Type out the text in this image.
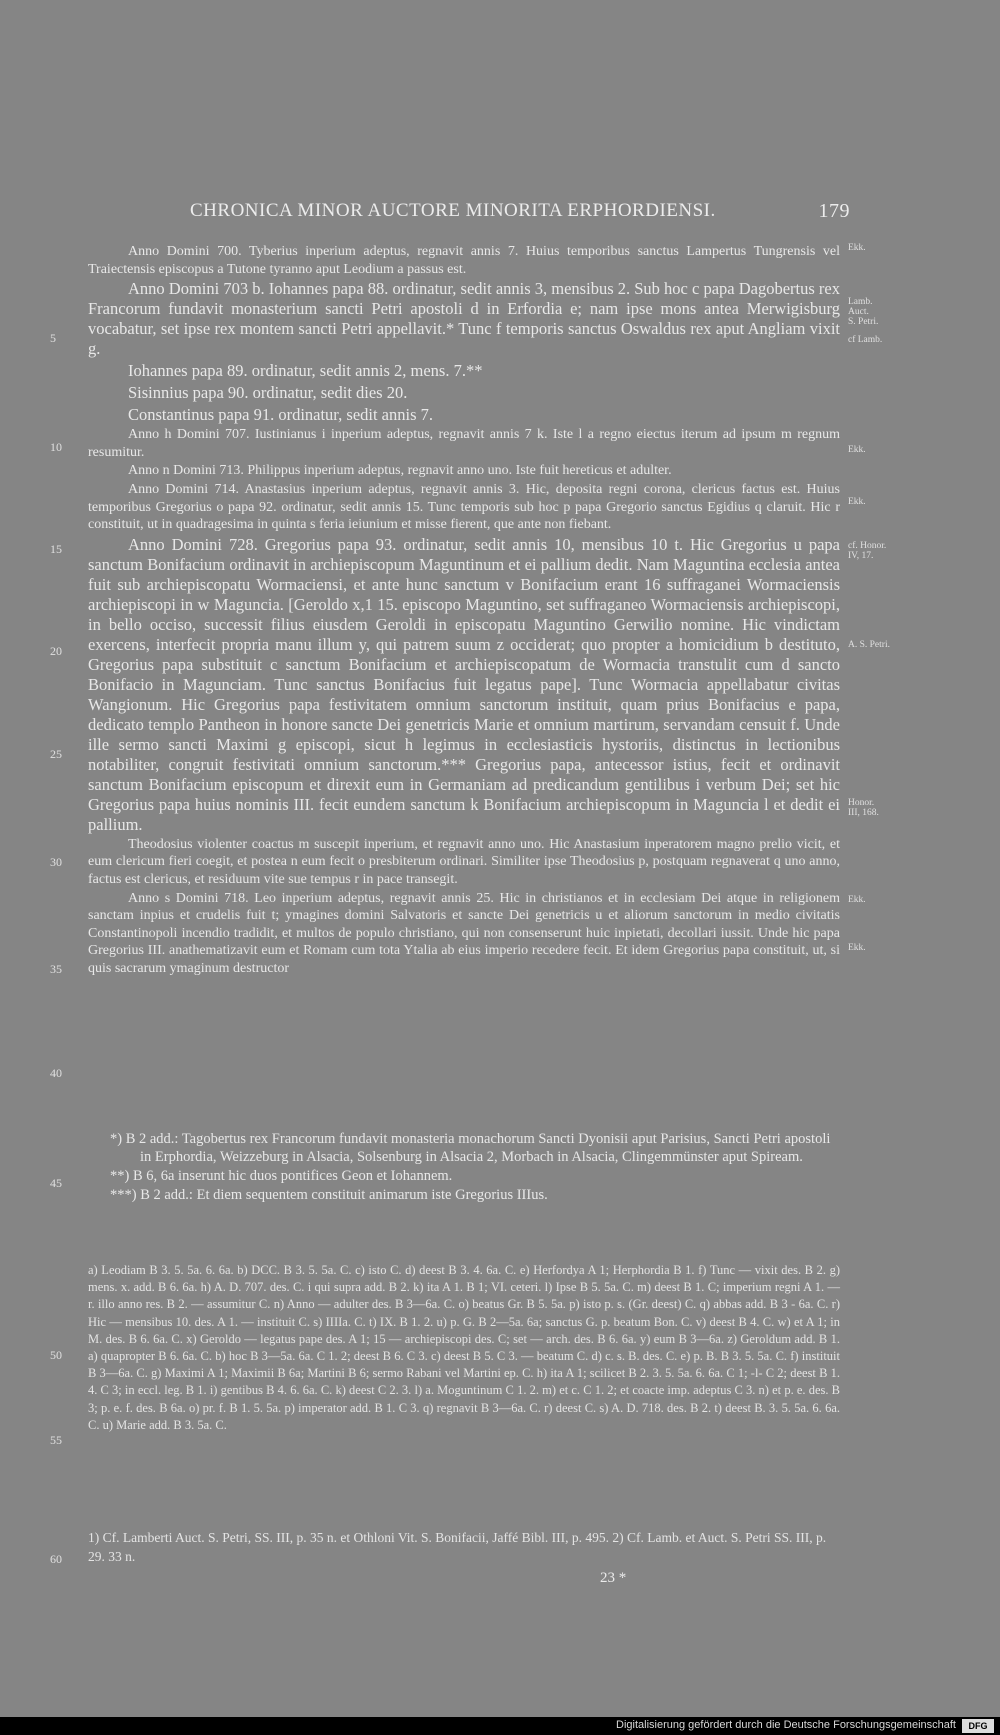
CHRONICA MINOR AUCTORE MINORITA ERPHORDIENSI.	179

Anno Domini 700. Tyberius inperium adeptus, regnavit annis 7. Huius temporibus sanctus Lampertus Tungrensis vel Traiectensis episcopus a Tutone tyranno aput Leodium a passus est.

Anno Domini 703 b. Iohannes papa 88. ordinatur, sedit annis 3, mensibus 2. Sub hoc c papa Dagobertus rex Francorum fundavit monasterium sancti Petri apostoli d in Erfordia e; nam ipse mons antea Merwigisburg vocabatur, set ipse rex montem sancti Petri appellavit.* Tunc f temporis sanctus Oswaldus rex aput Angliam vixit g.

Iohannes papa 89. ordinatur, sedit annis 2, mens. 7.**

Sisinnius papa 90. ordinatur, sedit dies 20.

Constantinus papa 91. ordinatur, sedit annis 7.

Anno h Domini 707. Iustinianus i inperium adeptus, regnavit annis 7 k. Iste l a regno eiectus iterum ad ipsum m regnum resumitur.

Anno n Domini 713. Philippus inperium adeptus, regnavit anno uno. Iste fuit hereticus et adulter.

Anno Domini 714. Anastasius inperium adeptus, regnavit annis 3. Hic, deposita regni corona, clericus factus est. Huius temporibus Gregorius o papa 92. ordinatur, sedit annis 15. Tunc temporis sub hoc p papa Gregorio sanctus Egidius q claruit. Hic r constituit, ut in quadragesima in quinta s feria ieiunium et misse fierent, que ante non fiebant.

Anno Domini 728. Gregorius papa 93. ordinatur, sedit annis 10, mensibus 10 t. Hic Gregorius u papa sanctum Bonifacium ordinavit in archiepiscopum Maguntinum et ei pallium dedit. Nam Maguntina ecclesia antea fuit sub archiepiscopatu Wormaciensi, et ante hunc sanctum v Bonifacium erant 16 suffraganei Wormaciensis archiepiscopi in w Maguncia. [Geroldo x,1 15. episcopo Maguntino, set suffraganeo Wormaciensis archiepiscopi, in bello occiso, successit filius eiusdem Geroldi in episcopatu Maguntino Gerwilio nomine. Hic vindictam exercens, interfecit propria manu illum y, qui patrem suum z occiderat; quo propter a homicidium b destituto, Gregorius papa substituit c sanctum Bonifacium et archiepiscopatum de Wormacia transtulit cum d sancto Bonifacio in Magunciam. Tunc sanctus Bonifacius fuit legatus pape]. Tunc Wormacia appellabatur civitas Wangionum. Hic Gregorius papa festivitatem omnium sanctorum instituit, quam prius Bonifacius e papa, dedicato templo Pantheon in honore sancte Dei genetricis Marie et omnium martirum, servandam censuit f. Unde ille sermo sancti Maximi g episcopi, sicut h legimus in ecclesiasticis hystoriis, distinctus in lectionibus notabiliter, congruit festivitati omnium sanctorum.*** Gregorius papa, antecessor istius, fecit et ordinavit sanctum Bonifacium episcopum et direxit eum in Germaniam ad predicandum gentilibus i verbum Dei; set hic Gregorius papa huius nominis III. fecit eundem sanctum k Bonifacium archiepiscopum in Maguncia l et dedit ei pallium.

Theodosius violenter coactus m suscepit inperium, et regnavit anno uno. Hic Anastasium inperatorem magno prelio vicit, et eum clericum fieri coegit, et postea n eum fecit o presbiterum ordinari. Similiter ipse Theodosius p, postquam regnaverat q uno anno, factus est clericus, et residuum vite sue tempus r in pace transegit.

Anno s Domini 718. Leo inperium adeptus, regnavit annis 25. Hic in christianos et in ecclesiam Dei atque in religionem sanctam inpius et crudelis fuit t; ymagines domini Salvatoris et sancte Dei genetricis u et aliorum sanctorum in medio civitatis Constantinopoli incendio tradidit, et multos de populo christiano, qui non consenserunt huic inpietati, decollari iussit. Unde hic papa Gregorius III. anathematizavit eum et Romam cum tota Ytalia ab eius imperio recedere fecit. Et idem Gregorius papa constituit, ut, si quis sacrarum ymaginum destructor

Ekk.
Lamb.
Auct.
S. Petri.
cf Lamb.
Ekk.
Ekk.
cf. Honor.
IV, 17.
A. S. Petri.
Honor.
III, 168.
Ekk.
Ekk.
5
10
15
20
25
30
35
40
45
50
55
60

*) B 2 add.: Tagobertus rex Francorum fundavit monasteria monachorum Sancti Dyonisii aput Parisius, Sancti Petri apostoli in Erphordia, Weizzeburg in Alsacia, Solsenburg in Alsacia 2, Morbach in Alsacia, Clingemmünster aput Spiream.

**) B 6, 6a inserunt hic duos pontifices Geon et Iohannem.

***) B 2 add.: Et diem sequentem constituit animarum iste Gregorius IIIus.

a) Leodiam B 3. 5. 5a. 6. 6a. b) DCC. B 3. 5. 5a. C. c) isto C. d) deest B 3. 4. 6a. C. e) Herfordya A 1; Herphordia B 1. f) Tunc — vixit des. B 2. g) mens. x. add. B 6. 6a. h) A. D. 707. des. C. i qui supra add. B 2. k) ita A 1. B 1; VI. ceteri. l) Ipse B 5. 5a. C. m) deest B 1. C; imperium regni A 1. — r. illo anno res. B 2. — assumitur C. n) Anno — adulter des. B 3—6a. C. o) beatus Gr. B 5. 5a. p) isto p. s. (Gr. deest) C. q) abbas add. B 3 - 6a. C. r) Hic — mensibus 10. des. A 1. — instituit C. s) IIIIa. C. t) IX. B 1. 2. u) p. G. B 2—5a. 6a; sanctus G. p. beatum Bon. C. v) deest B 4. C. w) et A 1; in M. des. B 6. 6a. C. x) Geroldo — legatus pape des. A 1; 15 — archiepiscopi des. C; set — arch. des. B 6. 6a. y) eum B 3—6a. z) Geroldum add. B 1. a) quapropter B 6. 6a. C. b) hoc B 3—5a. 6a. C 1. 2; deest B 6. C 3. c) deest B 5. C 3. — beatum C. d) c. s. B. des. C. e) p. B. B 3. 5. 5a. C. f) instituit B 3—6a. C. g) Maximi A 1; Maximii B 6a; Martini B 6; sermo Rabani vel Martini ep. C. h) ita A 1; scilicet B 2. 3. 5. 5a. 6. 6a. C 1; -l- C 2; deest B 1. 4. C 3; in eccl. leg. B 1. i) gentibus B 4. 6. 6a. C. k) deest C 2. 3. l) a. Moguntinum C 1. 2. m) et c. C 1. 2; et coacte imp. adeptus C 3. n) et p. e. des. B 3; p. e. f. des. B 6a. o) pr. f. B 1. 5. 5a. p) imperator add. B 1. C 3. q) regnavit B 3—6a. C. r) deest C. s) A. D. 718. des. B 2. t) deest B. 3. 5. 5a. 6. 6a. C. u) Marie add. B 3. 5a. C.
1) Cf. Lamberti Auct. S. Petri, SS. III, p. 35 n. et Othloni Vit. S. Bonifacii, Jaffé Bibl. III, p. 495. 2) Cf. Lamb. et Auct. S. Petri SS. III, p. 29. 33 n.
23 *
Digitalisierung gefördert durch die Deutsche Forschungsgemeinschaft	DFG
